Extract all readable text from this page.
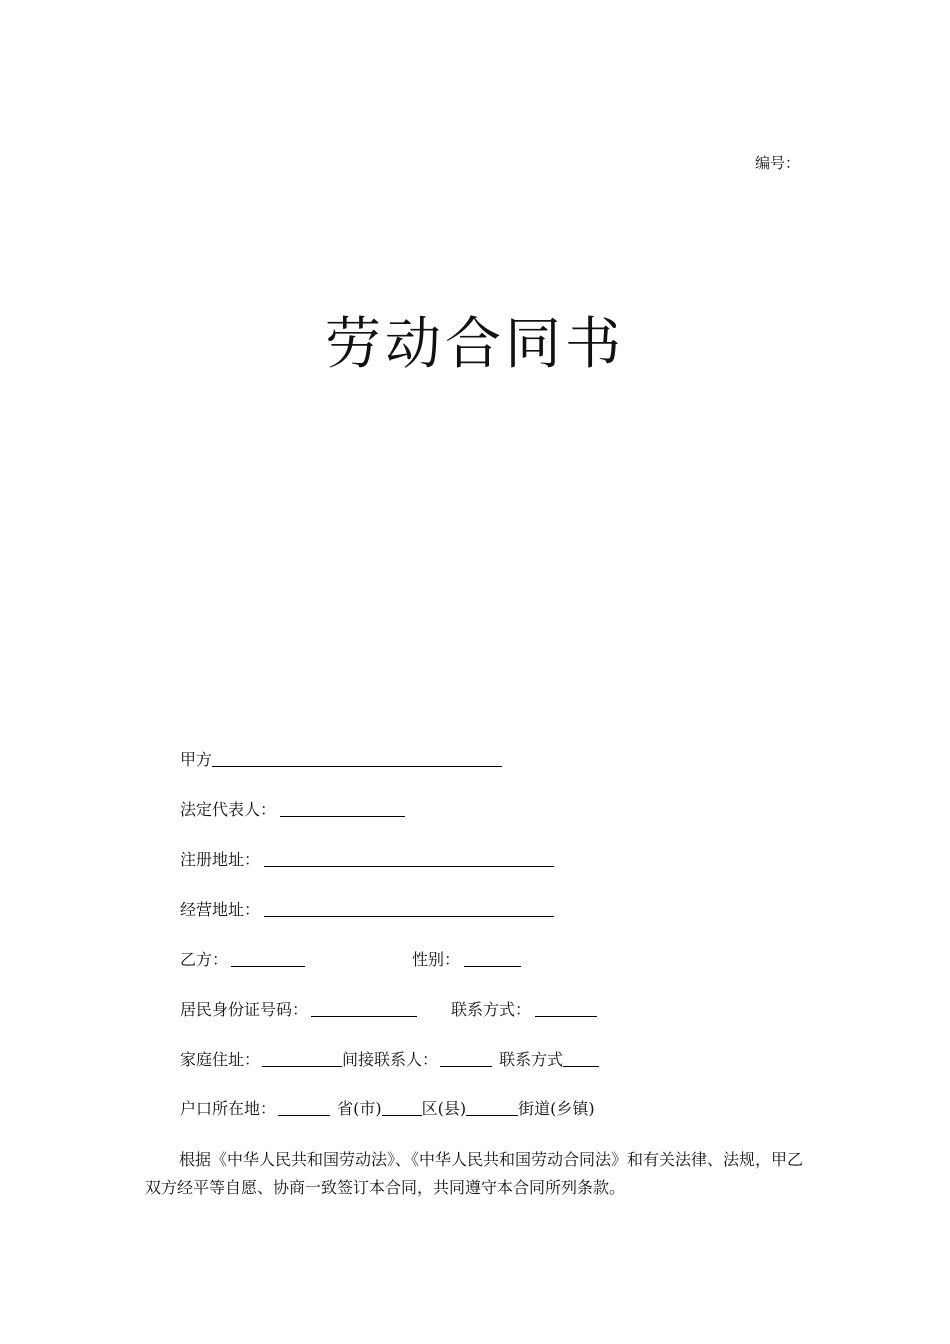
编号：
劳动合同书
甲方
法定代表人：
注册地址：
经营地址：
乙方：	性别：
居民身份证号码：	联系方式：
家庭住址：	间接联系人：	联系方式
户口所在地：	省(市)	区(县)	街道(乡镇)

根据《中华人民共和国劳动法》、《中华人民共和国劳动合同法》和有关法律、法规，甲乙双方经平等自愿、协商一致签订本合同，共同遵守本合同所列条款。
